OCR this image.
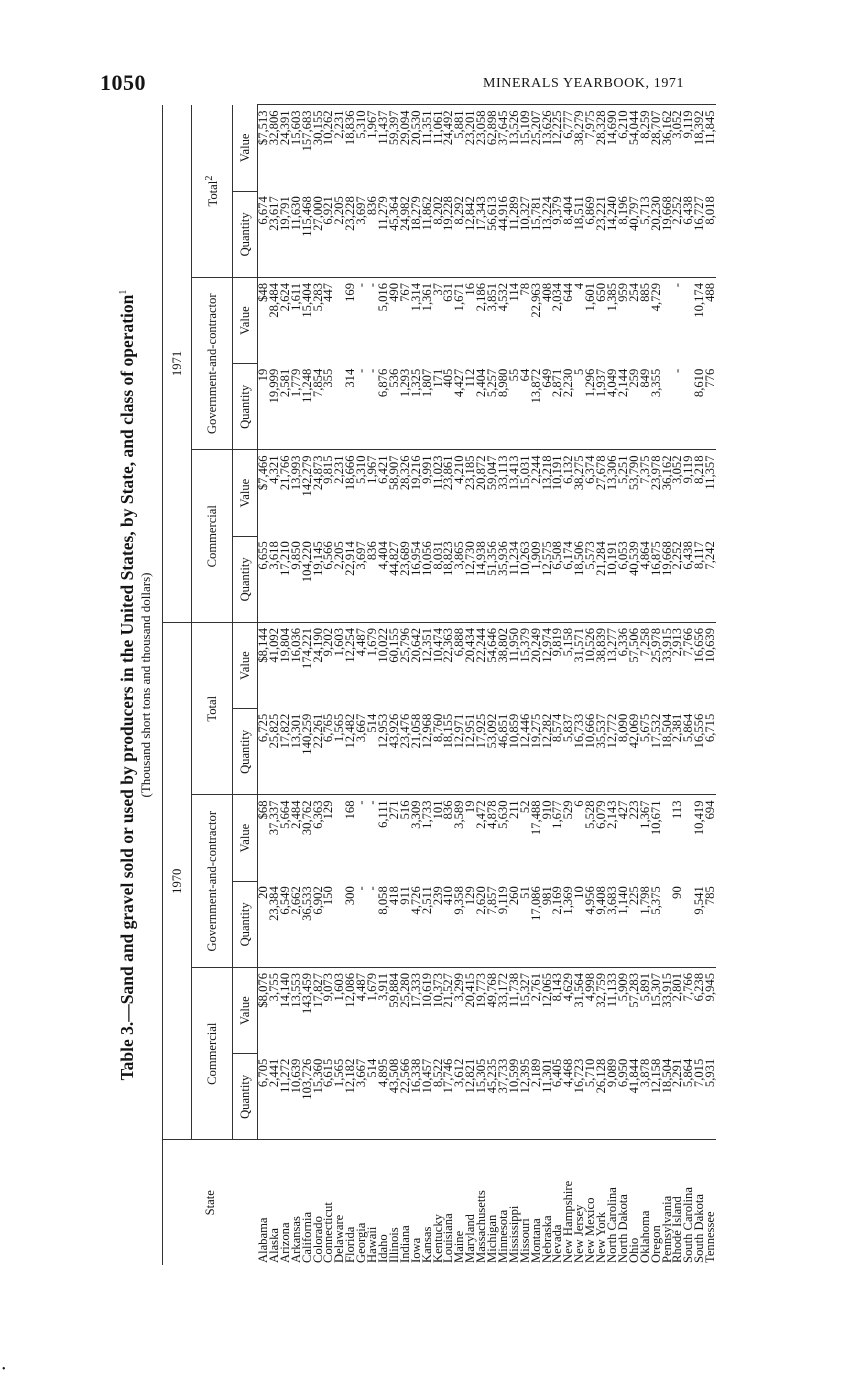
1050	MINERALS YEARBOOK, 1971
Table 3.—Sand and gravel sold or used by producers in the United States, by State, and class of operation$^1$
(Thousand short tons and thousand dollars)
State	1970						1971					
	Commercial		Government-and-contractor		Total		Commercial		Government-and-contractor		Total$^2$
	Quantity	Value	Quantity	Value	Quantity	Value	Quantity	Value	Quantity	Value	Quantity	Value
Alabama	6,705	$8,076	20	$68	6,725	$8,144	6,655	$7,466	19	$48	6,674	$7,513
Alaska	2,441	3,755	23,384	37,337	25,825	41,092	3,618	4,321	19,999	28,484	23,617	32,806
Arizona	11,272	14,140	6,549	5,664	17,822	19,804	17,210	21,766	2,581	2,624	19,791	24,391
Arkansas	10,639	13,553	2,662	2,484	13,301	16,036	9,850	13,993	1,779	1,611	11,630	15,603
California	103,726	143,459	36,533	30,762	140,259	174,221	104,220	142,279	11,248	15,404	115,468	157,683
Colorado	15,360	17,827	6,902	6,363	22,261	24,190	19,145	24,873	7,854	5,283	27,000	30,155
Connecticut	6,615	9,073	150	129	6,765	9,202	6,566	9,815	355	447	6,921	10,262
Delaware	1,565	1,603			1,565	1,603	2,205	2,231			2,205	2,231
Florida	12,182	12,086	300	168	12,482	12,254	22,914	18,666	314	169	23,228	18,836
Georgia	3,667	4,487	-	-	3,667	4,487	3,697	5,310	-	-	3,697	5,310
Hawaii	514	1,679	-	-	514	1,679	836	1,967	-	-	836	1,967
Idaho	4,895	3,911	8,058	6,111	12,953	10,022	4,404	6,421	6,876	5,016	11,279	11,437
Illinois	43,508	59,884	418	271	43,926	60,155	44,827	58,907	536	490	45,364	59,397
Indiana	22,566	25,280	911	516	23,476	25,796	23,689	28,326	1,293	767	24,982	29,094
Iowa	16,338	17,333	4,726	3,309	21,058	20,642	16,954	19,216	1,325	1,314	18,279	20,530
Kansas	10,457	10,619	2,511	1,733	12,968	12,351	10,056	9,991	1,807	1,361	11,862	11,351
Kentucky	8,522	10,373	239	101	8,760	10,474	8,031	11,023	171	37	8,202	11,061
Louisiana	17,746	21,527	410	836	18,155	22,363	18,823	23,861	405	631	19,228	24,492
Maine	3,612	3,299	9,358	3,589	12,971	6,888	3,865	4,210	4,427	1,671	8,292	5,881
Maryland	12,821	20,415	129	19	12,951	20,434	12,730	23,185	112	16	12,842	23,201
Massachusetts	15,305	19,773	2,620	2,472	17,925	22,244	14,938	20,872	2,404	2,186	17,343	23,058
Michigan	45,235	49,768	7,857	4,878	53,092	54,646	51,356	59,047	5,257	3,851	56,613	62,898
Minnesota	37,733	33,172	9,119	5,630	46,851	38,802	35,936	33,113	8,980	4,532	44,916	37,645
Mississippi	10,599	11,738	260	211	10,859	11,950	11,234	13,413	55	114	11,289	13,526
Missouri	12,395	15,327	51	52	12,446	15,379	10,263	15,031	64	78	10,327	15,109
Montana	2,189	2,761	17,086	17,488	19,275	20,249	1,909	2,244	13,872	22,963	15,781	25,207
Nebraska	11,301	12,065	981	910	12,282	12,974	12,575	13,218	649	408	13,224	13,626
Nevada	6,405	8,143	2,169	1,677	8,574	9,819	6,508	10,191	2,871	2,034	9,379	12,225
New Hampshire	4,468	4,629	1,369	529	5,837	5,158	6,174	6,132	2,230	644	8,404	6,777
New Jersey	16,723	31,564	10	6	16,733	31,571	18,506	38,275	5	4	18,511	38,279
New Mexico	5,710	4,998	4,956	5,528	10,666	10,526	5,573	6,374	1,296	1,601	6,869	7,975
New York	26,128	32,759	9,408	6,079	35,537	38,839	21,284	27,678	1,937	650	23,221	28,328
North Carolina	9,089	11,133	3,683	2,143	12,772	13,277	10,191	13,306	4,049	1,385	14,240	14,690
North Dakota	6,950	5,909	1,140	427	8,090	6,336	6,053	5,251	2,144	959	8,196	6,210
Ohio	41,844	57,283	225	223	42,069	57,506	40,539	53,790	259	254	40,797	54,044
Oklahoma	3,878	5,891	1,798	1,367	5,675	7,258	4,864	7,375	849	885	5,713	8,259
Oregon	12,158	15,307	5,375	10,671	17,532	25,978	16,875	23,978	3,355	4,729	20,230	28,707
Pennsylvania	18,504	33,915			18,504	33,915	19,668	36,162			19,668	36,162
Rhode Island	2,291	2,801	90	113	2,381	2,913	2,252	3,052	-	-	2,252	3,052
South Carolina	5,864	7,766			5,864	7,766	6,438	9,119			6,438	9,119
South Dakota	7,015	6,238	9,541	10,419	16,556	16,656	8,117	8,218	8,610	10,174	16,727	18,392
Tennessee	5,931	9,945	785	694	6,715	10,639	7,242	11,357	776	488	8,018	11,845
•
